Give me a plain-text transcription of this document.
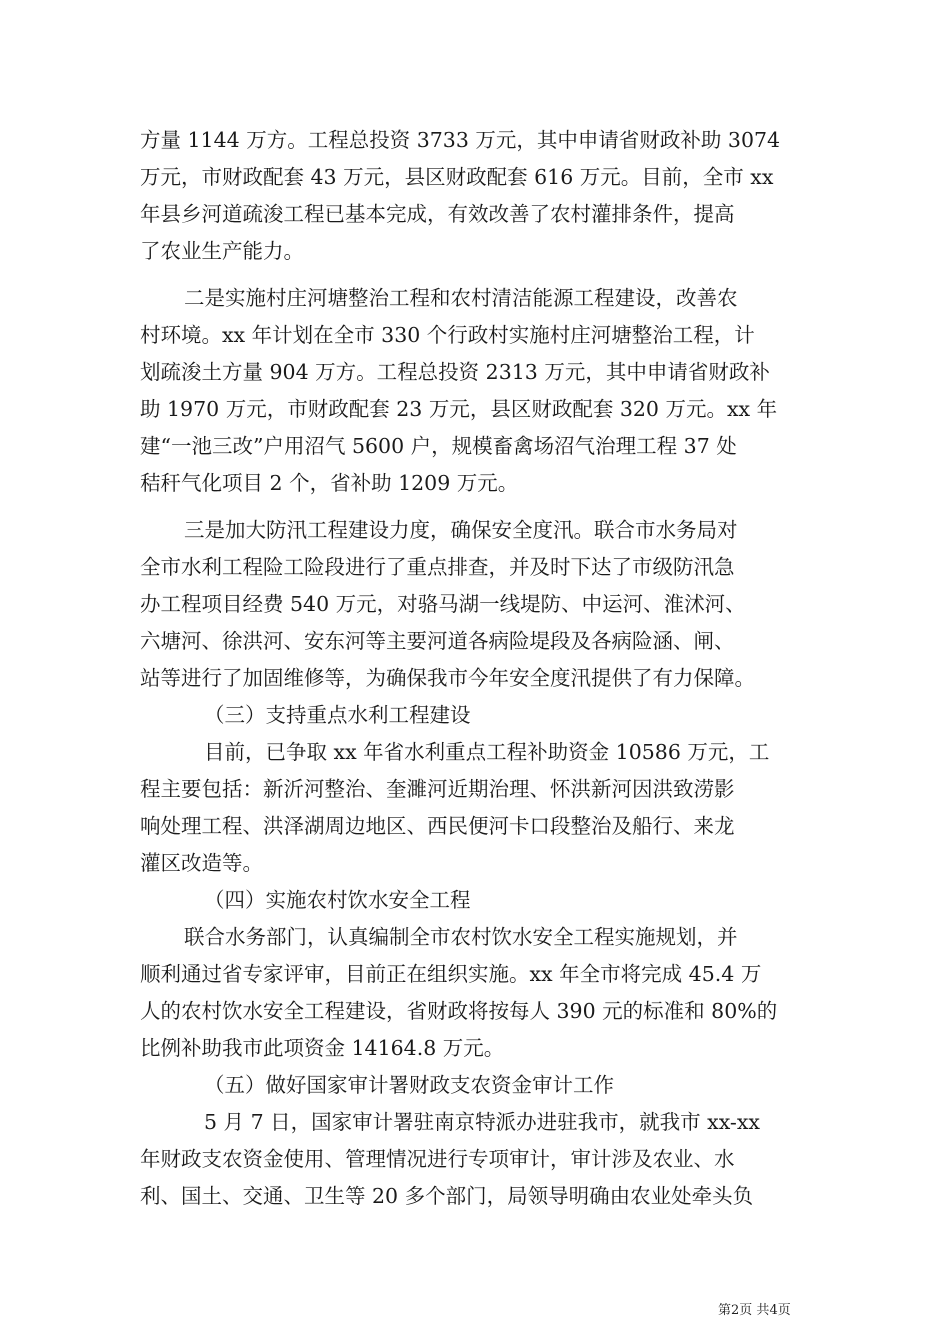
方量 1144 万方。工程总投资 3733 万元，其中申请省财政补助 3074
万元，市财政配套 43 万元，县区财政配套 616 万元。目前，全市 xx
年县乡河道疏浚工程已基本完成，有效改善了农村灌排条件，提高
了农业生产能力。
二是实施村庄河塘整治工程和农村清洁能源工程建设，改善农
村环境。xx 年计划在全市 330 个行政村实施村庄河塘整治工程，计
划疏浚土方量 904 万方。工程总投资 2313 万元，其中申请省财政补
助 1970 万元，市财政配套 23 万元，县区财政配套 320 万元。xx 年
建“一池三改”户用沼气 5600 户，规模畜禽场沼气治理工程 37 处
秸秆气化项目 2 个，省补助 1209 万元。
三是加大防汛工程建设力度，确保安全度汛。联合市水务局对
全市水利工程险工险段进行了重点排查，并及时下达了市级防汛急
办工程项目经费 540 万元，对骆马湖一线堤防、中运河、淮沭河、
六塘河、徐洪河、安东河等主要河道各病险堤段及各病险涵、闸、
站等进行了加固维修等，为确保我市今年安全度汛提供了有力保障。
（三）支持重点水利工程建设
目前，已争取 xx 年省水利重点工程补助资金 10586 万元，工
程主要包括：新沂河整治、奎濉河近期治理、怀洪新河因洪致涝影
响处理工程、洪泽湖周边地区、西民便河卡口段整治及船行、来龙
灌区改造等。
（四）实施农村饮水安全工程
联合水务部门，认真编制全市农村饮水安全工程实施规划，并
顺利通过省专家评审，目前正在组织实施。xx 年全市将完成 45.4 万
人的农村饮水安全工程建设，省财政将按每人 390 元的标准和 80%的
比例补助我市此项资金 14164.8 万元。
（五）做好国家审计署财政支农资金审计工作
5 月 7 日，国家审计署驻南京特派办进驻我市，就我市 xx-xx
年财政支农资金使用、管理情况进行专项审计，审计涉及农业、水
利、国土、交通、卫生等 20 多个部门，局领导明确由农业处牵头负
第2页 共4页
